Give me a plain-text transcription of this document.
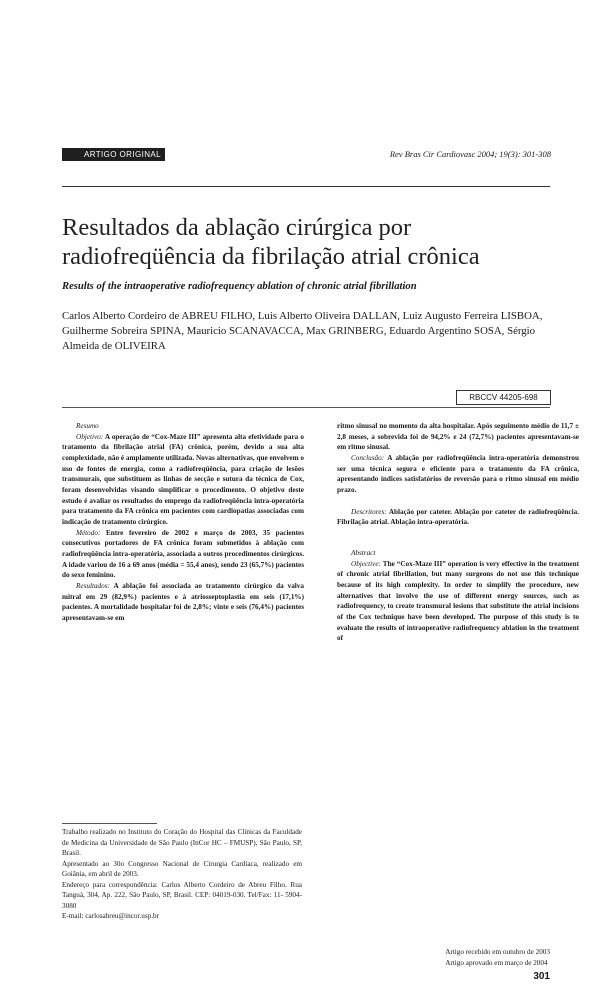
ARTIGO ORIGINAL	Rev Bras Cir Cardiovasc 2004; 19(3): 301-308
Resultados da ablação cirúrgica por
radiofreqüência da fibrilação atrial crônica

Results of the intraoperative radiofrequency ablation of chronic atrial fibrillation

Carlos Alberto Cordeiro de ABREU FILHO, Luis Alberto Oliveira DALLAN, Luiz Augusto Ferreira LISBOA, Guilherme Sobreira SPINA, Mauricio SCANAVACCA, Max GRINBERG, Eduardo Argentino SOSA, Sérgio Almeida de OLIVEIRA

RBCCV 44205-698

Resumo

Objetivo: A operação de “Cox-Maze III” apresenta alta efetividade para o tratamento da fibrilação atrial (FA) crônica, porém, devido a sua alta complexidade, não é amplamente utilizada. Novas alternativas, que envolvem o uso de fontes de energia, como a radiofreqüência, para criação de lesões transmurais, que substituem as linhas de secção e sutura da técnica de Cox, foram desenvolvidas visando simplificar o procedimento. O objetivo deste estudo é avaliar os resultados do emprego da radiofreqüência intra-operatória para tratamento da FA crônica em pacientes com cardiopatias associadas com indicação de tratamento cirúrgico.

Método: Entre fevereiro de 2002 e março de 2003, 35 pacientes consecutivos portadores de FA crônica foram submetidos à ablação com radiofreqüência intra-operatória, associada a outros procedimentos cirúrgicos. A idade variou de 16 a 69 anos (média = 55,4 anos), sendo 23 (65,7%) pacientes do sexo feminino.

Resultados: A ablação foi associada ao tratamento cirúrgico da valva mitral em 29 (82,9%) pacientes e à atriosseptoplastia em seis (17,1%) pacientes. A mortalidade hospitalar foi de 2,8%; vinte e seis (76,4%) pacientes apresentavam-se em

ritmo sinusal no momento da alta hospitalar. Após seguimento médio de 11,7 ± 2,8 meses, a sobrevida foi de 94,2% e 24 (72,7%) pacientes apresentavam-se em ritmo sinusal.

Conclusão: A ablação por radiofreqüência intra-operatória demonstrou ser uma técnica segura e eficiente para o tratamento da FA crônica, apresentando índices satisfatórios de reversão para o ritmo sinusal em médio prazo.

Descritores: Ablação por cateter. Ablação por cateter de radiofreqüência. Fibrilação atrial. Ablação intra-operatória.

Abstract

Objective: The “Cox-Maze III” operation is very effective in the treatment of chronic atrial fibrillation, but many surgeons do not use this technique because of its high complexity. In order to simplify the procedure, new alternatives that involve the use of different energy sources, such as radiofrequency, to create transmural lesions that substitute the atrial incisions of the Cox technique have been developed. The purpose of this study is to evaluate the results of intraoperative radiofrequency ablation in the treatment of

Trabalho realizado no Instituto do Coração do Hospital das Clínicas da Faculdade de Medicina da Universidade de São Paulo (InCor HC – FMUSP), São Paulo, SP, Brasil.

Apresentado ao 30o Congresso Nacional de Cirurgia Cardíaca, realizado em Goiânia, em abril de 2003.

Endereço para correspondência: Carlos Alberto Cordeiro de Abreu Filho. Rua Tanguá, 304, Ap. 222, São Paulo, SP, Brasil. CEP: 04019-030. Tel/Fax: 11- 5904-3080

E-mail: carlosabreu@incor.usp.br

Artigo recebido em outubro de 2003

Artigo aprovado em março de 2004

301
